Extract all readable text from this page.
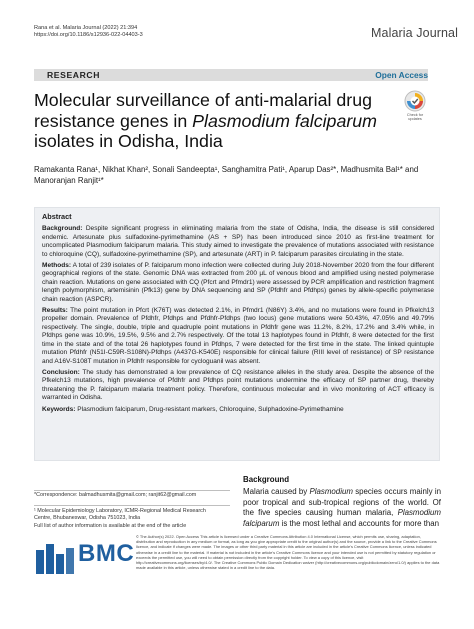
Rana et al. Malaria Journal (2022) 21:394
https://doi.org/10.1186/s12936-022-04403-3	Malaria Journal
RESEARCH	Open Access
Molecular surveillance of anti-malarial drug resistance genes in Plasmodium falciparum isolates in Odisha, India
Check for updates
Ramakanta Rana¹, Nikhat Khan², Sonali Sandeepta¹, Sanghamitra Pati¹, Aparup Das²*, Madhusmita Bal¹* and Manoranjan Ranjit¹*
Abstract
Background: Despite significant progress in eliminating malaria from the state of Odisha, India, the disease is still considered endemic. Artesunate plus sulfadoxine-pyrimethamine (AS + SP) has been introduced since 2010 as first-line treatment for uncomplicated Plasmodium falciparum malaria. This study aimed to investigate the prevalence of mutations associated with resistance to chloroquine (CQ), sulfadoxine-pyrimethamine (SP), and artesunate (ART) in P. falciparum parasites circulating in the state.
Methods: A total of 239 isolates of P. falciparum mono infection were collected during July 2018-November 2020 from the four different geographical regions of the state. Genomic DNA was extracted from 200 µL of venous blood and amplified using nested polymerase chain reaction. Mutations on gene associated with CQ (Pfcrt and Pfmdr1) were assessed by PCR amplification and restriction fragment length polymorphism, artemisinin (Pfk13) gene by DNA sequencing and SP (Pfdhfr and Pfdhps) genes by allele-specific polymerase chain reaction (ASPCR).
Results: The point mutation in Pfcrt (K76T) was detected 2.1%, in Pfmdr1 (N86Y) 3.4%, and no mutations were found in Pfkelch13 propeller domain. Prevalence of Pfdhfr, Pfdhps and Pfdhfr-Pfdhps (two locus) gene mutations were 50.43%, 47.05% and 49.79% respectively. The single, double, triple and quadruple point mutations in Pfdhfr gene was 11.2%, 8.2%, 17.2% and 3.4% while, in Pfdhps gene was 10.9%, 19.5%, 9.5% and 2.7% respectively. Of the total 13 haplotypes found in Pfdhfr, 8 were detected for the first time in the state and of the total 26 haplotypes found in Pfdhps, 7 were detected for the first time in the state. The linked quintuple mutation Pfdhfr (N51I-C59R-S108N)-Pfdhps (A437G-K540E) responsible for clinical failure (RIII level of resistance) of SP resistance and A16V-S108T mutation in Pfdhfr responsible for cycloguanil was absent.
Conclusion: The study has demonstrated a low prevalence of CQ resistance alleles in the study area. Despite the absence of the Pfkelch13 mutations, high prevalence of Pfdhfr and Pfdhps point mutations undermine the efficacy of SP partner drug, thereby threatening the P. falciparum malaria treatment policy. Therefore, continuous molecular and in vivo monitoring of ACT efficacy is warranted in Odisha.
Keywords: Plasmodium falciparum, Drug-resistant markers, Chloroquine, Sulphadoxine-Pyrimethamine
*Correspondence: balmadhusmita@gmail.com; ranjit62@gmail.com
¹ Molecular Epidemiology Laboratory, ICMR-Regional Medical Research
Centre, Bhubaneswar, Odisha 751023, India
Full list of author information is available at the end of the article
BMC
© The Author(s) 2022. Open Access This article is licensed under a Creative Commons Attribution 4.0 International License, which permits use, sharing, adaptation, distribution and reproduction in any medium or format, as long as you give appropriate credit to the original author(s) and the source, provide a link to the Creative Commons licence, and indicate if changes were made. The images or other third party material in this article are included in the article's Creative Commons licence, unless indicated otherwise in a credit line to the material. If material is not included in the article's Creative Commons licence and your intended use is not permitted by statutory regulation or exceeds the permitted use, you will need to obtain permission directly from the copyright holder. To view a copy of this licence, visit http://creativecommons.org/licenses/by/4.0/. The Creative Commons Public Domain Dedication waiver (http://creativecommons.org/publicdomain/zero/1.0/) applies to the data made available in this article, unless otherwise stated in a credit line to the data.
Background
Malaria caused by Plasmodium species occurs mainly in poor tropical and sub-tropical regions of the world. Of the five species causing human malaria, Plasmodium falciparum is the most lethal and accounts for more than
